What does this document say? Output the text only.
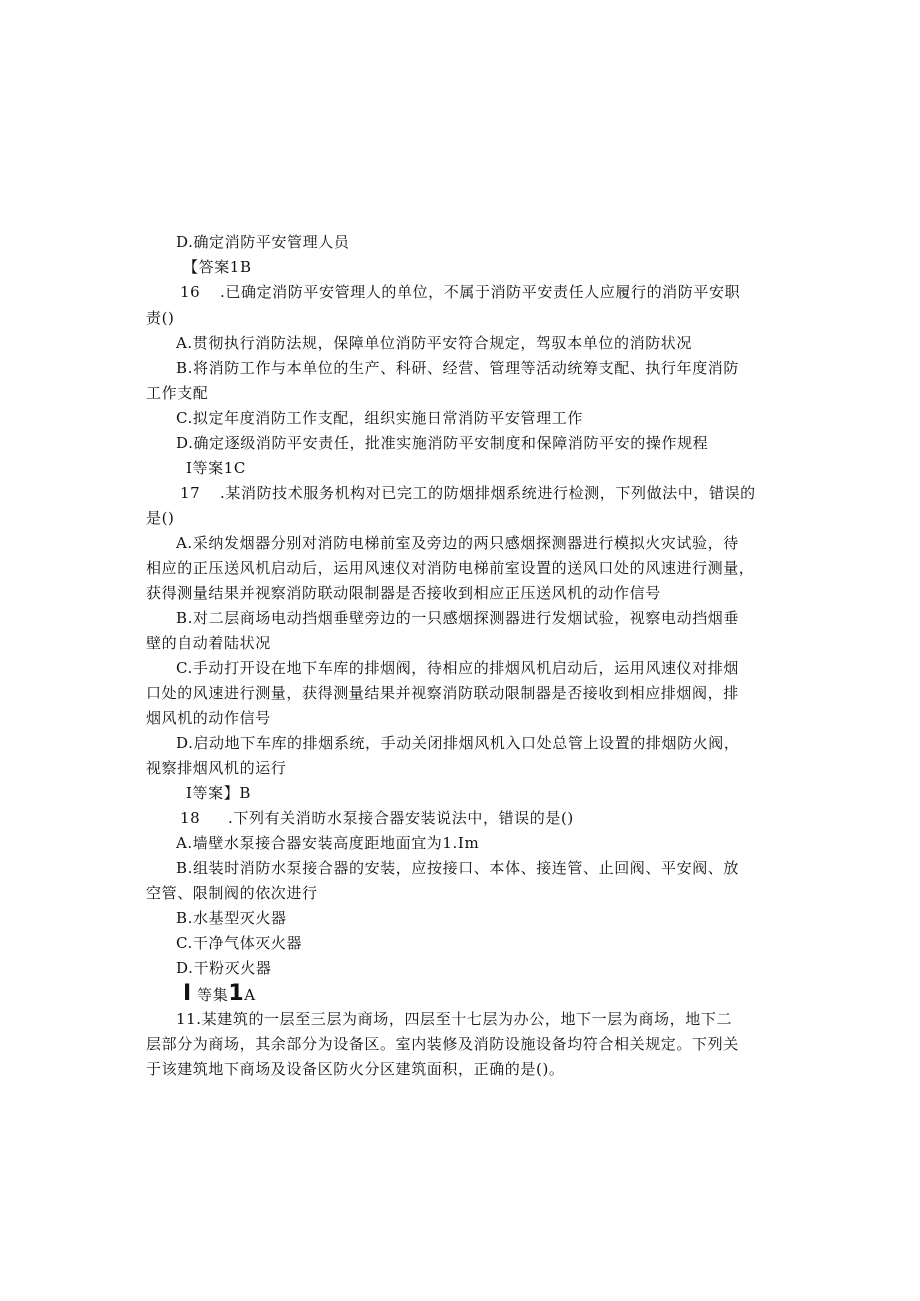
D.确定消防平安管理人员
【答案1B
16 .已确定消防平安管理人的单位，不属于消防平安责任人应履行的消防平安职
责()
A.贯彻执行消防法规，保障单位消防平安符合规定，驾驭本单位的消防状况
B.将消防工作与本单位的生产、科研、经营、管理等活动统筹支配、执行年度消防
工作支配
C.拟定年度消防工作支配，组织实施日常消防平安管理工作
D.确定逐级消防平安责任，批准实施消防平安制度和保障消防平安的操作规程
I等案1C
17 .某消防技术服务机构对已完工的防烟排烟系统进行检测，下列做法中，错误的
是()
A.采纳发烟器分别对消防电梯前室及旁边的两只感烟探测器进行模拟火灾试验，待
相应的正压送风机启动后，运用风速仪对消防电梯前室设置的送风口处的风速进行测量，
获得测量结果并视察消防联动限制器是否接收到相应正压送风机的动作信号
B.对二层商场电动挡烟垂壁旁边的一只感烟探测器进行发烟试验，视察电动挡烟垂
壁的自动着陆状况
C.手动打开设在地下车库的排烟阀，待相应的排烟风机启动后，运用风速仪对排烟
口处的风速进行测量，获得测量结果并视察消防联动限制器是否接收到相应排烟阀，排
烟风机的动作信号
D.启动地下车库的排烟系统，手动关闭排烟风机入口处总管上设置的排烟防火阀，
视察排烟风机的运行
I等案】B
18 .下列有关消昉水泵接合器安装说法中，错误的是()
A.墙壁水泵接合器安装高度距地面宜为1.Im
B.组装时消防水泵接合器的安装，应按接口、本体、接连管、止回阀、平安阀、放
空管、限制阀的依次进行
B.水基型灭火器
C.干净气体灭火器
D.干粉灭火器
I 等集1A
11.某建筑的一层至三层为商场，四层至十七层为办公，地下一层为商场，地下二
层部分为商场，其余部分为设备区。室内装修及消防设施设备均符合相关规定。下列关
于该建筑地下商场及设备区防火分区建筑面积，正确的是()。
